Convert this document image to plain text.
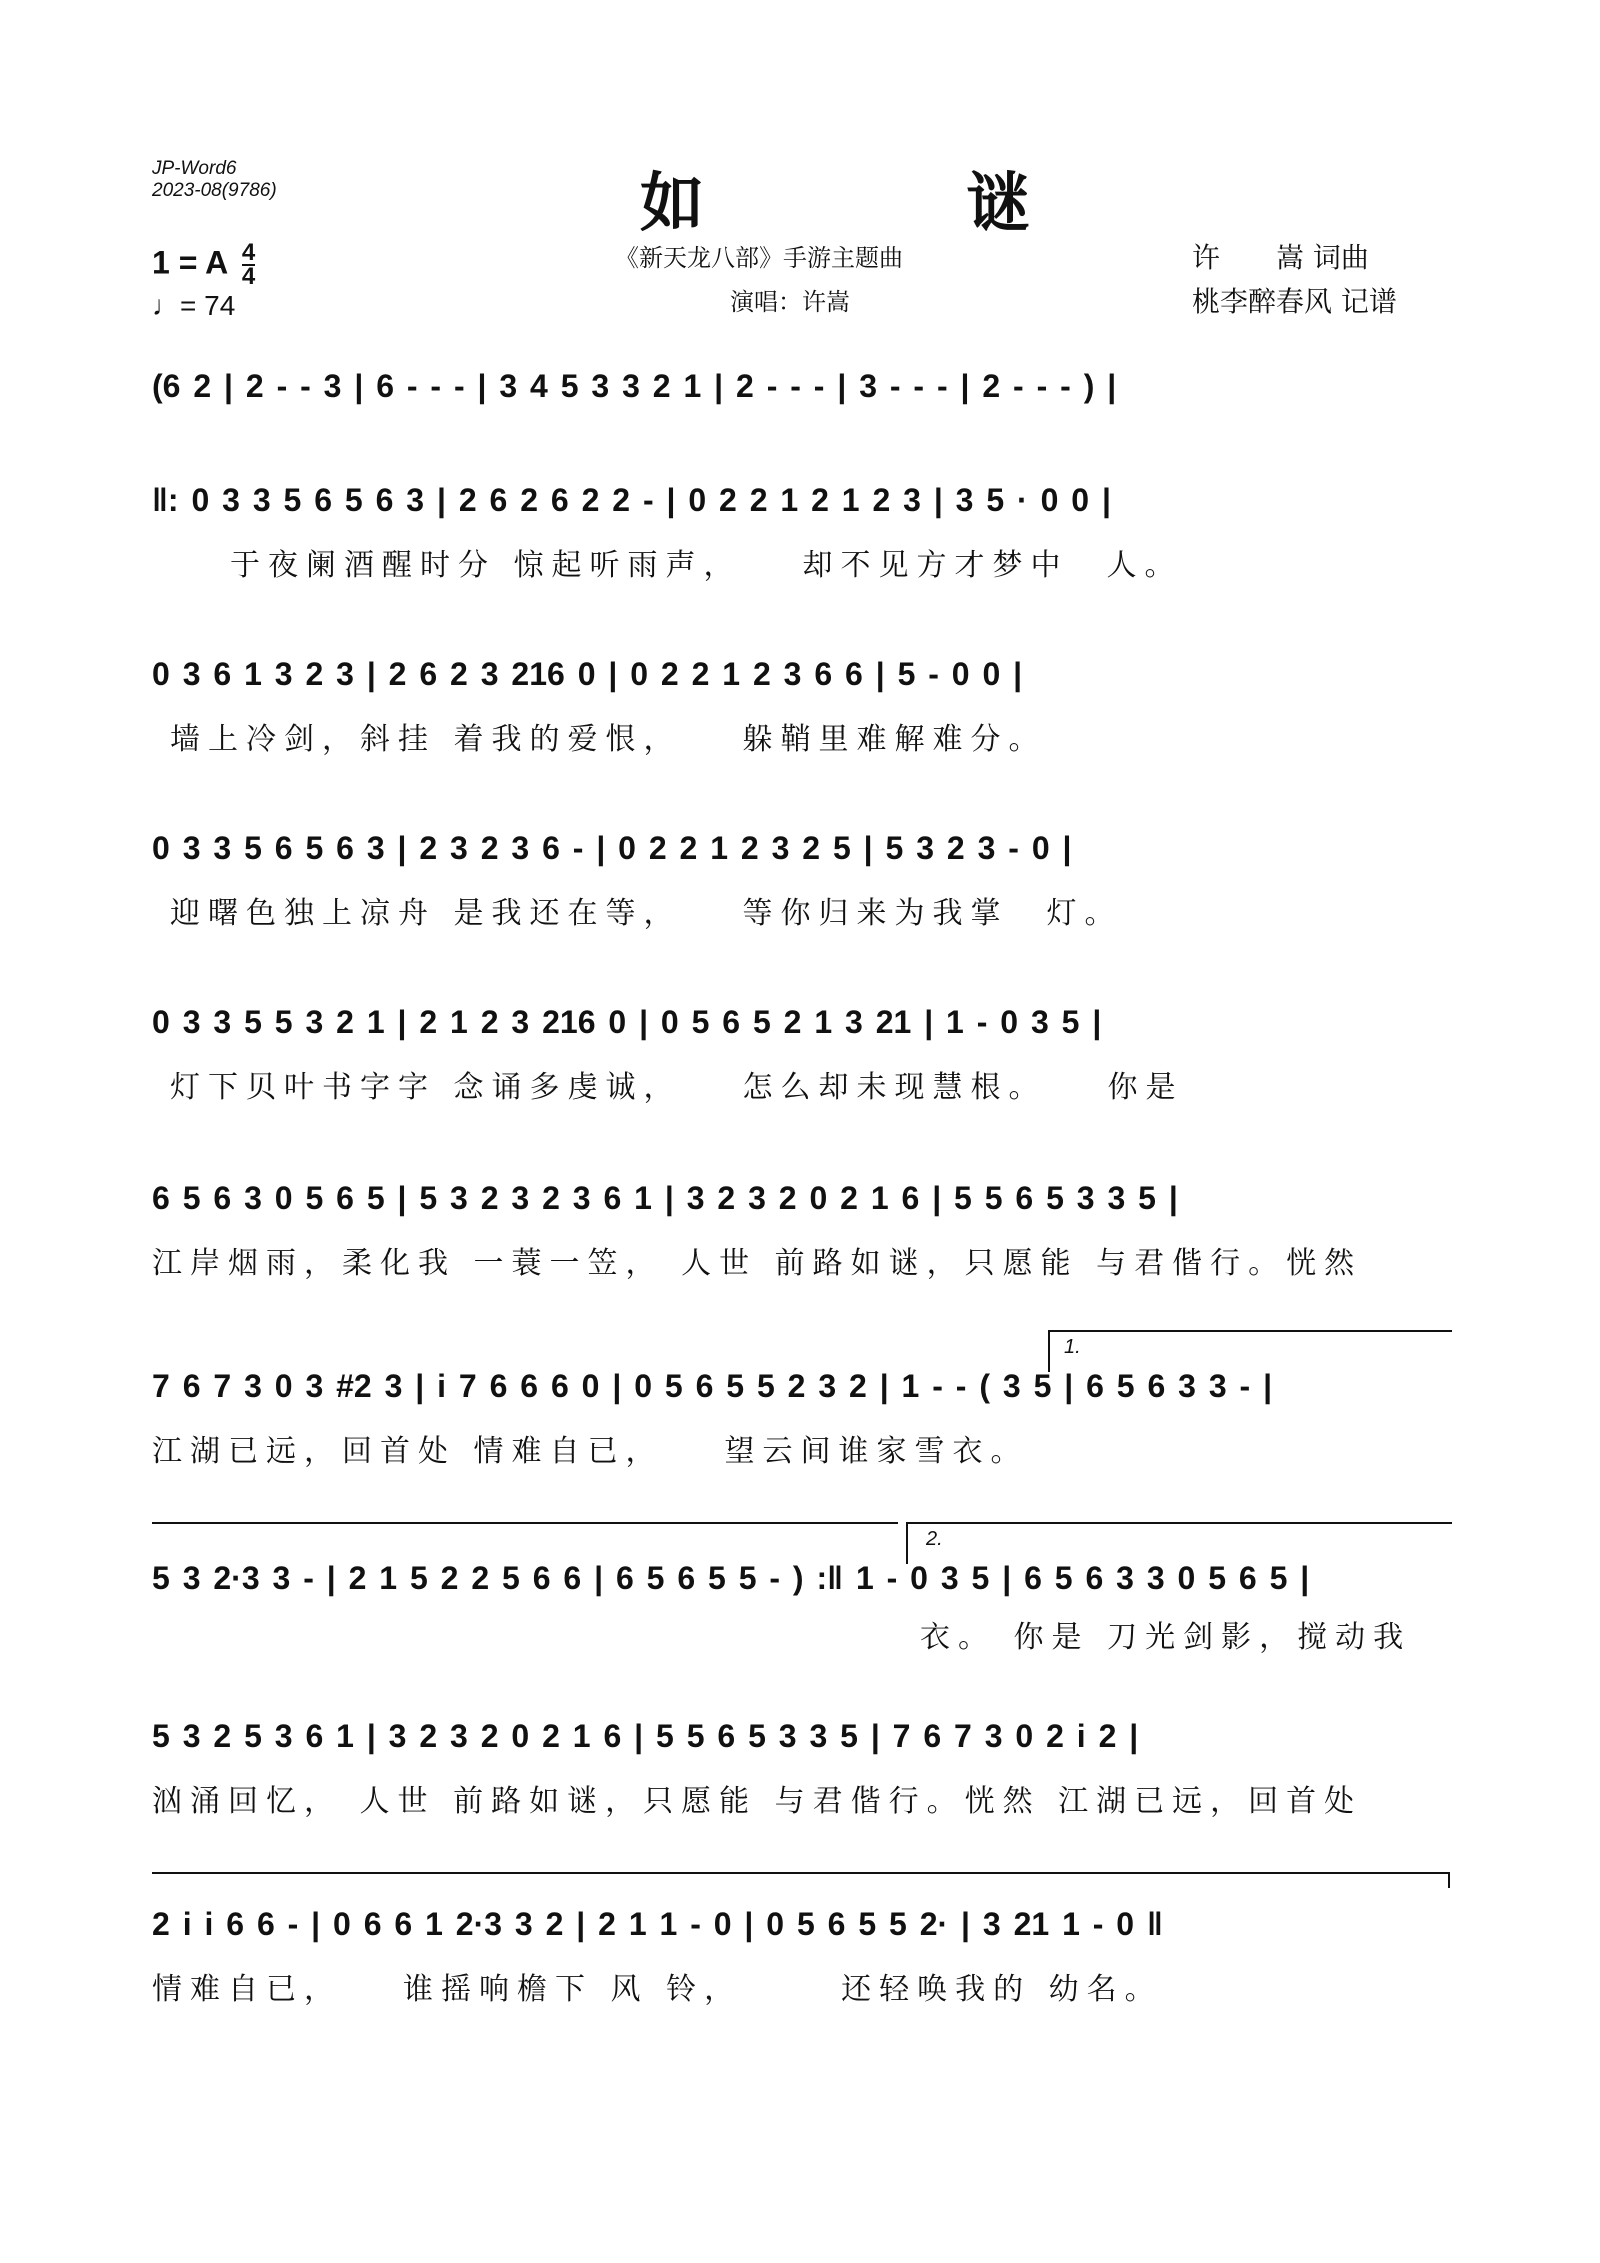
JP-Word6
2023-08(9786)	如 谜
1 = A $\frac{4}{4}$
♩= 74
《新天龙八部》手游主题曲
演唱：许嵩
许　　嵩 词曲
桃李醉春风 记谱
(6 2 | 2 - - 3 | 6 - - - | 3 4 5 3 3 2 1 | 2 - - - | 3 - - - | 2 - - - ) |
‖: 0 3 3 5 6 5 6 3 | 2 6 2 6 2 2 - | 0 2 2 1 2 1 2 3 | 3 5 · 0 0 |
于夜阑酒醒时分 惊起听雨声，　　却不见方才梦中　人。
0 3 6 1 3 2 3 | 2 6 2 3 216 0 | 0 2 2 1 2 3 6 6 | 5 - 0 0 |
墙上冷剑，斜挂 着我的爱恨，　　躲鞘里难解难分。
0 3 3 5 6 5 6 3 | 2 3 2 3 6 - | 0 2 2 1 2 3 2 5 | 5 3 2 3 - 0 |
迎曙色独上凉舟 是我还在等，　　等你归来为我掌　灯。
0 3 3 5 5 3 2 1 | 2 1 2 3 216 0 | 0 5 6 5 2 1 3 21 | 1 - 0 3 5 |
灯下贝叶书字字 念诵多虔诚，　　怎么却未现慧根。　　你是
6 5 6 3 0 5 6 5 | 5 3 2 3 2 3 6 1 | 3 2 3 2 0 2 1 6 | 5 5 6 5 3 3 5 |
江岸烟雨，柔化我 一蓑一笠， 人世 前路如谜，只愿能 与君偕行。恍然
1.
7 6 7 3 0 3 #2 3 | i 7 6 6 6 0 | 0 5 6 5 5 2 3 2 | 1 - - ( 3 5 | 6 5 6 3 3 - |
江湖已远，回首处 情难自已，　　望云间谁家雪衣。
2.
5 3 2·3 3 - | 2 1 5 2 2 5 6 6 | 6 5 6 5 5 - ) :‖ 1 - 0 3 5 | 6 5 6 3 3 0 5 6 5 |
衣。 你是 刀光剑影，搅动我
5 3 2 5 3 6 1 | 3 2 3 2 0 2 1 6 | 5 5 6 5 3 3 5 | 7 6 7 3 0 2 i 2 |
汹涌回忆， 人世 前路如谜，只愿能 与君偕行。恍然 江湖已远，回首处
2 i i 6 6 - | 0 6 6 1 2·3 3 2 | 2 1 1 - 0 | 0 5 6 5 5 2· | 3 21 1 - 0 ‖
情难自已，　　谁摇响檐下 风 铃，　　　还轻唤我的 幼名。
